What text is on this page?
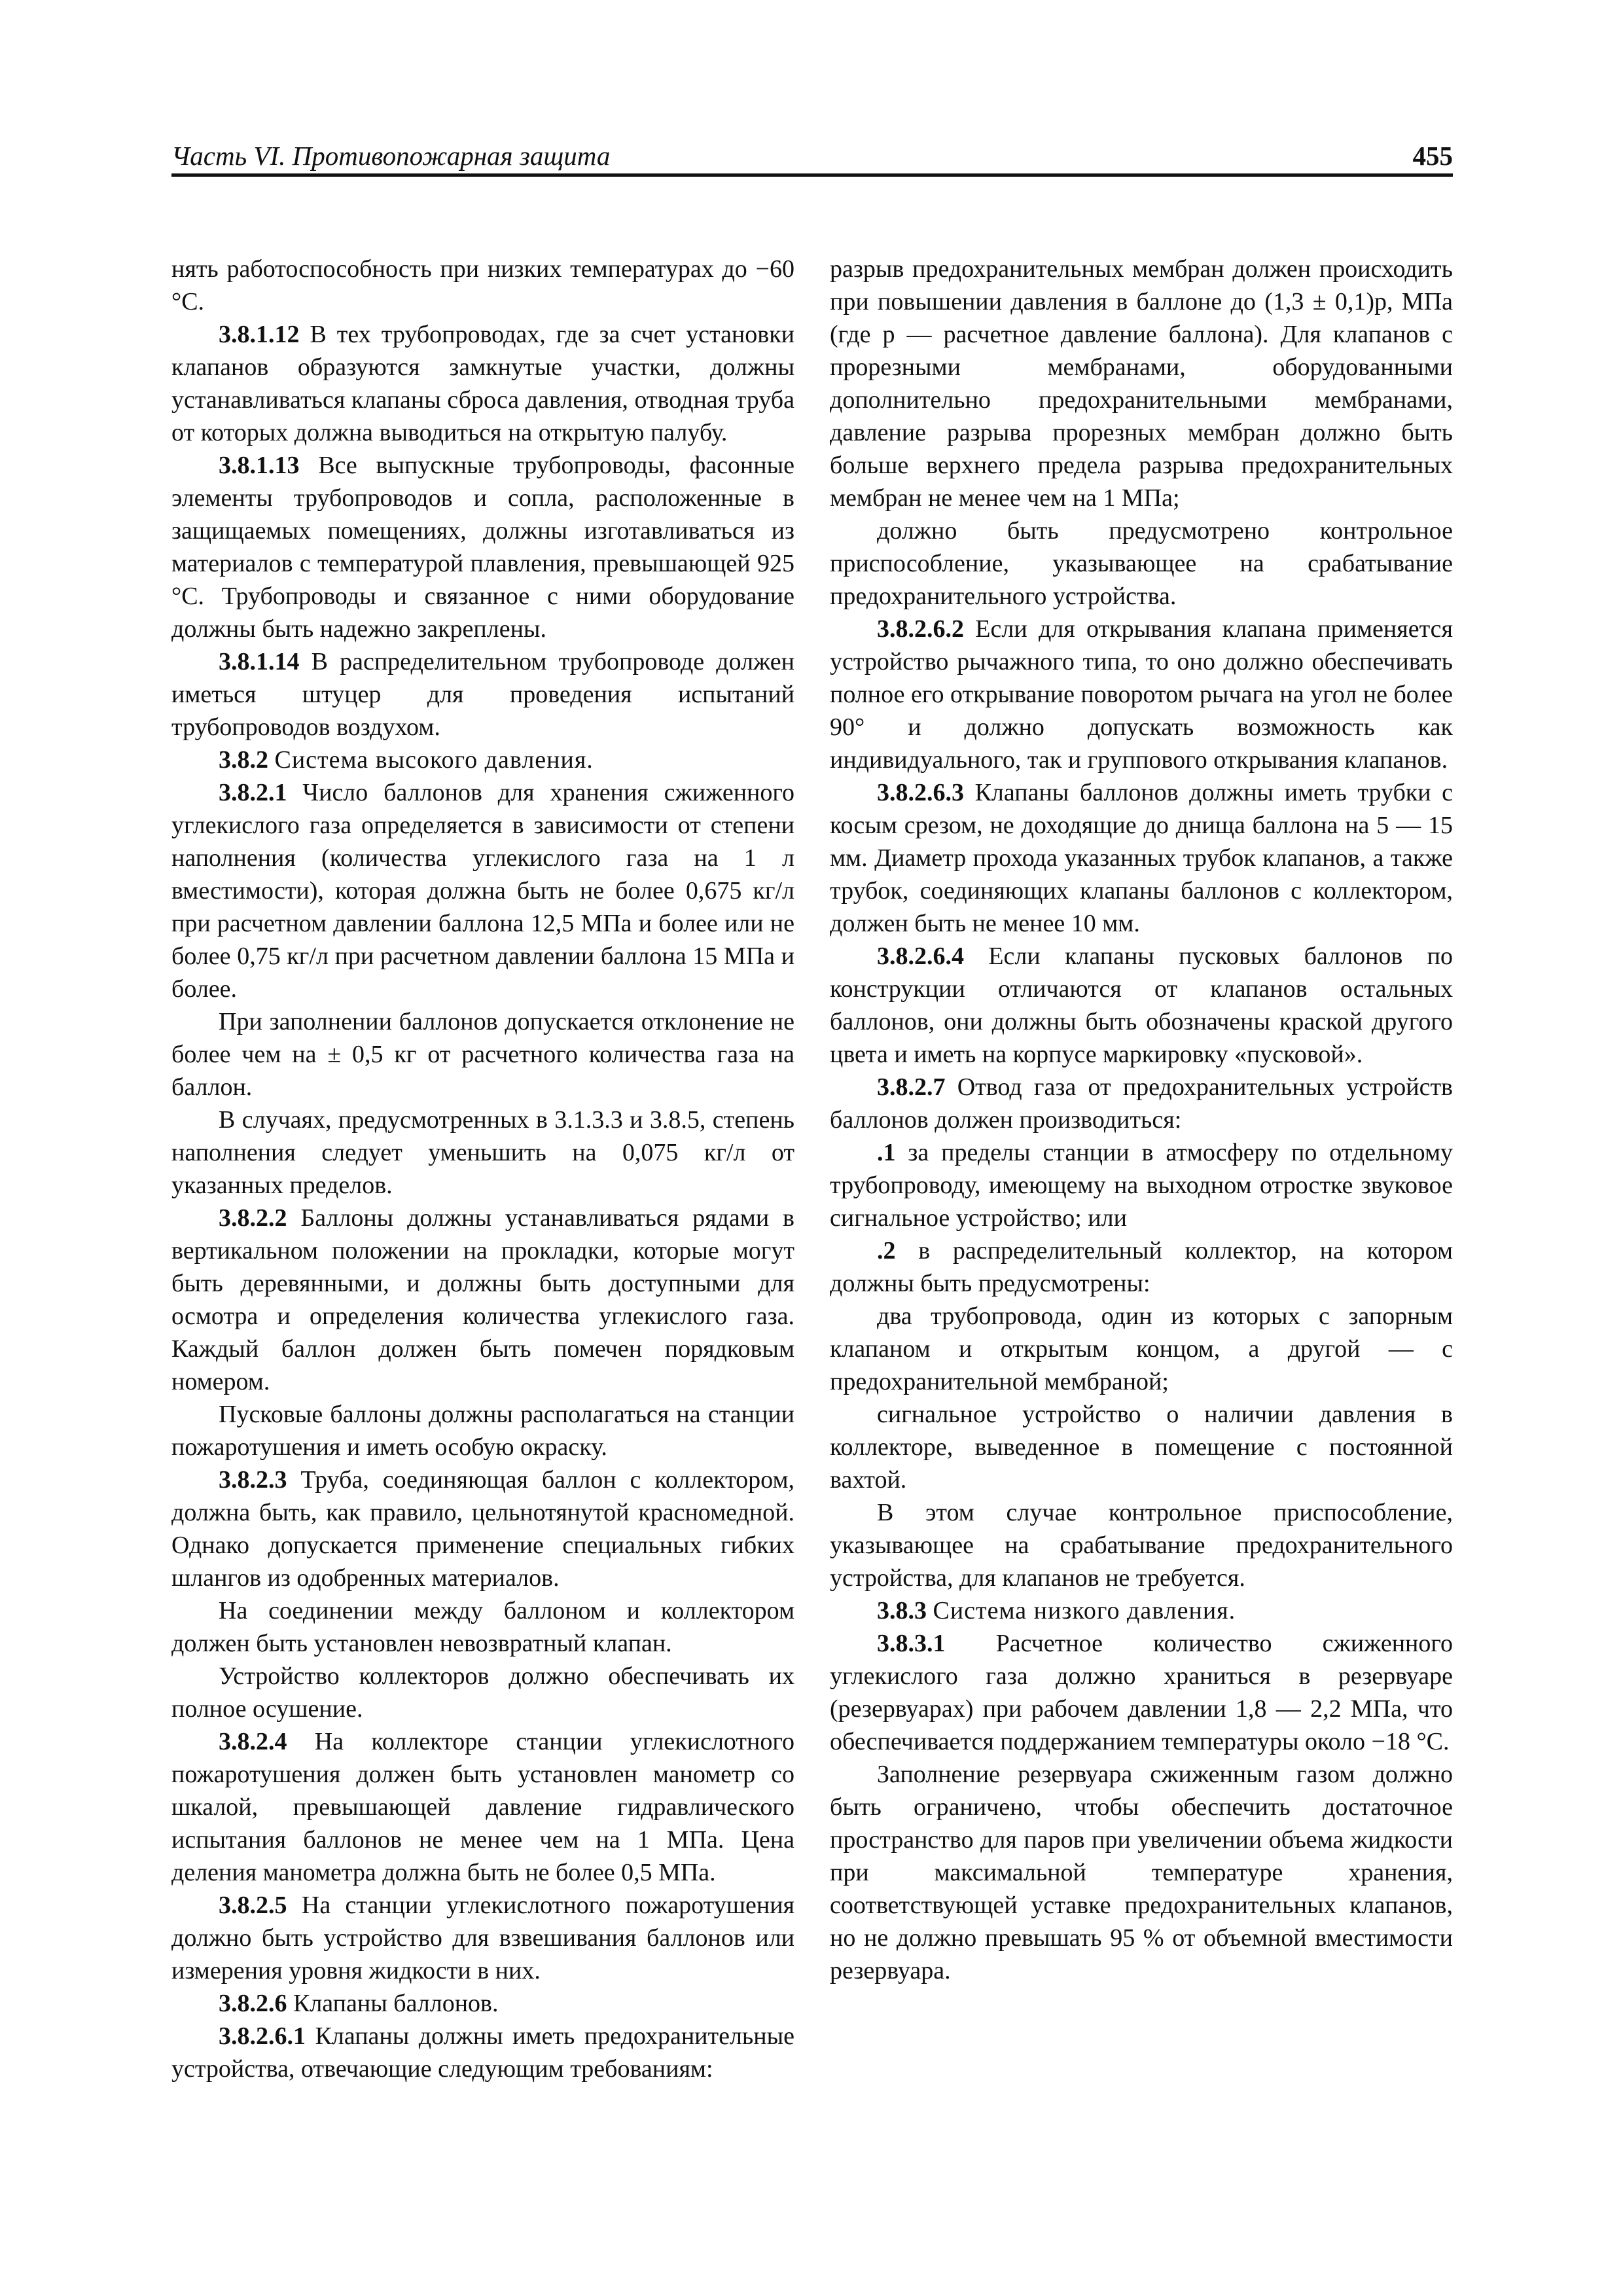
Часть VI. Противопожарная защита	455

нять работоспособность при низких температурах до −60 °C.

3.8.1.12 В тех трубопроводах, где за счет установки клапанов образуются замкнутые участки, должны устанавливаться клапаны сброса давления, отводная труба от которых должна выводиться на открытую палубу.

3.8.1.13 Все выпускные трубопроводы, фасонные элементы трубопроводов и сопла, расположенные в защищаемых помещениях, должны изготавливаться из материалов с температурой плавления, превышающей 925 °C. Трубопроводы и связанное с ними оборудование должны быть надежно закреплены.

3.8.1.14 В распределительном трубопроводе должен иметься штуцер для проведения испытаний трубопроводов воздухом.

3.8.2 Система высокого давления.

3.8.2.1 Число баллонов для хранения сжиженного углекислого газа определяется в зависимости от степени наполнения (количества углекислого газа на 1 л вместимости), которая должна быть не более 0,675 кг/л при расчетном давлении баллона 12,5 МПа и более или не более 0,75 кг/л при расчетном давлении баллона 15 МПа и более.

При заполнении баллонов допускается отклонение не более чем на ± 0,5 кг от расчетного количества газа на баллон.

В случаях, предусмотренных в 3.1.3.3 и 3.8.5, степень наполнения следует уменьшить на 0,075 кг/л от указанных пределов.

3.8.2.2 Баллоны должны устанавливаться рядами в вертикальном положении на прокладки, которые могут быть деревянными, и должны быть доступными для осмотра и определения количества углекислого газа. Каждый баллон должен быть помечен порядковым номером.

Пусковые баллоны должны располагаться на станции пожаротушения и иметь особую окраску.

3.8.2.3 Труба, соединяющая баллон с коллектором, должна быть, как правило, цельнотянутой красномедной. Однако допускается применение специальных гибких шлангов из одобренных материалов.

На соединении между баллоном и коллектором должен быть установлен невозвратный клапан.

Устройство коллекторов должно обеспечивать их полное осушение.

3.8.2.4 На коллекторе станции углекислотного пожаротушения должен быть установлен манометр со шкалой, превышающей давление гидравлического испытания баллонов не менее чем на 1 МПа. Цена деления манометра должна быть не более 0,5 МПа.

3.8.2.5 На станции углекислотного пожаротушения должно быть устройство для взвешивания баллонов или измерения уровня жидкости в них.

3.8.2.6 Клапаны баллонов.

3.8.2.6.1 Клапаны должны иметь предохранительные устройства, отвечающие следующим требованиям:

разрыв предохранительных мембран должен происходить при повышении давления в баллоне до (1,3 ± 0,1)p, МПа (где p — расчетное давление баллона). Для клапанов с прорезными мембранами, оборудованными дополнительно предохранительными мембранами, давление разрыва прорезных мембран должно быть больше верхнего предела разрыва предохранительных мембран не менее чем на 1 МПа;

должно быть предусмотрено контрольное приспособление, указывающее на срабатывание предохранительного устройства.

3.8.2.6.2 Если для открывания клапана применяется устройство рычажного типа, то оно должно обеспечивать полное его открывание поворотом рычага на угол не более 90° и должно допускать возможность как индивидуального, так и группового открывания клапанов.

3.8.2.6.3 Клапаны баллонов должны иметь трубки с косым срезом, не доходящие до днища баллона на 5 — 15 мм. Диаметр прохода указанных трубок клапанов, а также трубок, соединяющих клапаны баллонов с коллектором, должен быть не менее 10 мм.

3.8.2.6.4 Если клапаны пусковых баллонов по конструкции отличаются от клапанов остальных баллонов, они должны быть обозначены краской другого цвета и иметь на корпусе маркировку «пусковой».

3.8.2.7 Отвод газа от предохранительных устройств баллонов должен производиться:

.1 за пределы станции в атмосферу по отдельному трубопроводу, имеющему на выходном отростке звуковое сигнальное устройство; или

.2 в распределительный коллектор, на котором должны быть предусмотрены:

два трубопровода, один из которых с запорным клапаном и открытым концом, а другой — с предохранительной мембраной;

сигнальное устройство о наличии давления в коллекторе, выведенное в помещение с постоянной вахтой.

В этом случае контрольное приспособление, указывающее на срабатывание предохранительного устройства, для клапанов не требуется.

3.8.3 Система низкого давления.

3.8.3.1 Расчетное количество сжиженного углекислого газа должно храниться в резервуаре (резервуарах) при рабочем давлении 1,8 — 2,2 МПа, что обеспечивается поддержанием температуры около −18 °C.

Заполнение резервуара сжиженным газом должно быть ограничено, чтобы обеспечить достаточное пространство для паров при увеличении объема жидкости при максимальной температуре хранения, соответствующей уставке предохранительных клапанов, но не должно превышать 95 % от объемной вместимости резервуара.
